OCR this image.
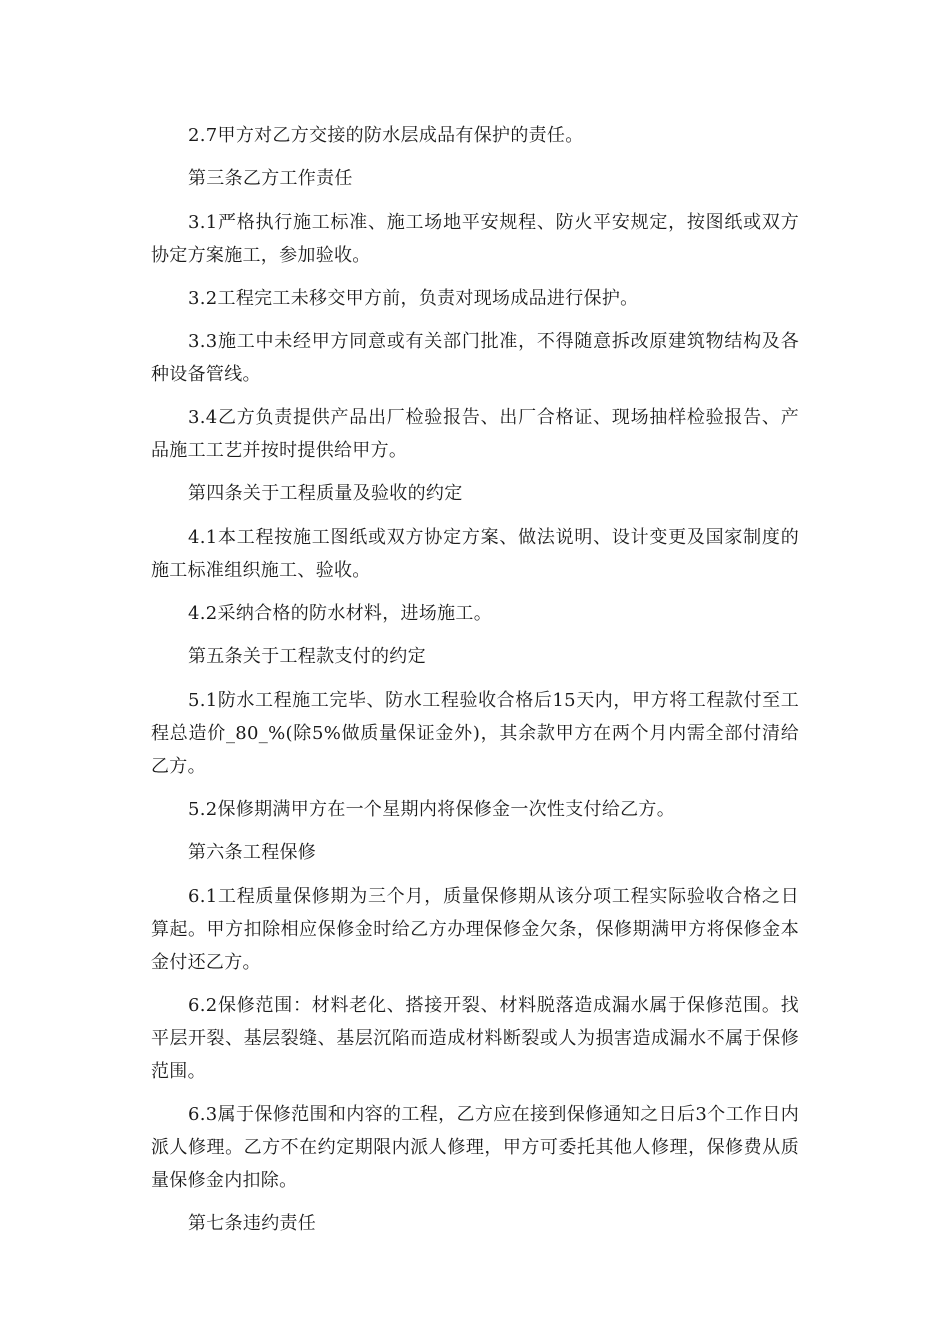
2.7甲方对乙方交接的防水层成品有保护的责任。

第三条乙方工作责任

3.1严格执行施工标准、施工场地平安规程、防火平安规定，按图纸或双方协定方案施工，参加验收。

3.2工程完工未移交甲方前，负责对现场成品进行保护。

3.3施工中未经甲方同意或有关部门批准，不得随意拆改原建筑物结构及各种设备管线。

3.4乙方负责提供产品出厂检验报告、出厂合格证、现场抽样检验报告、产品施工工艺并按时提供给甲方。

第四条关于工程质量及验收的约定

4.1本工程按施工图纸或双方协定方案、做法说明、设计变更及国家制度的施工标准组织施工、验收。

4.2采纳合格的防水材料，进场施工。

第五条关于工程款支付的约定

5.1防水工程施工完毕、防水工程验收合格后15天内，甲方将工程款付至工程总造价_80_%(除5%做质量保证金外)，其余款甲方在两个月内需全部付清给乙方。

5.2保修期满甲方在一个星期内将保修金一次性支付给乙方。

第六条工程保修

6.1工程质量保修期为三个月，质量保修期从该分项工程实际验收合格之日算起。甲方扣除相应保修金时给乙方办理保修金欠条，保修期满甲方将保修金本金付还乙方。

6.2保修范围：材料老化、搭接开裂、材料脱落造成漏水属于保修范围。找平层开裂、基层裂缝、基层沉陷而造成材料断裂或人为损害造成漏水不属于保修范围。

6.3属于保修范围和内容的工程，乙方应在接到保修通知之日后3个工作日内派人修理。乙方不在约定期限内派人修理，甲方可委托其他人修理，保修费从质量保修金内扣除。

第七条违约责任
